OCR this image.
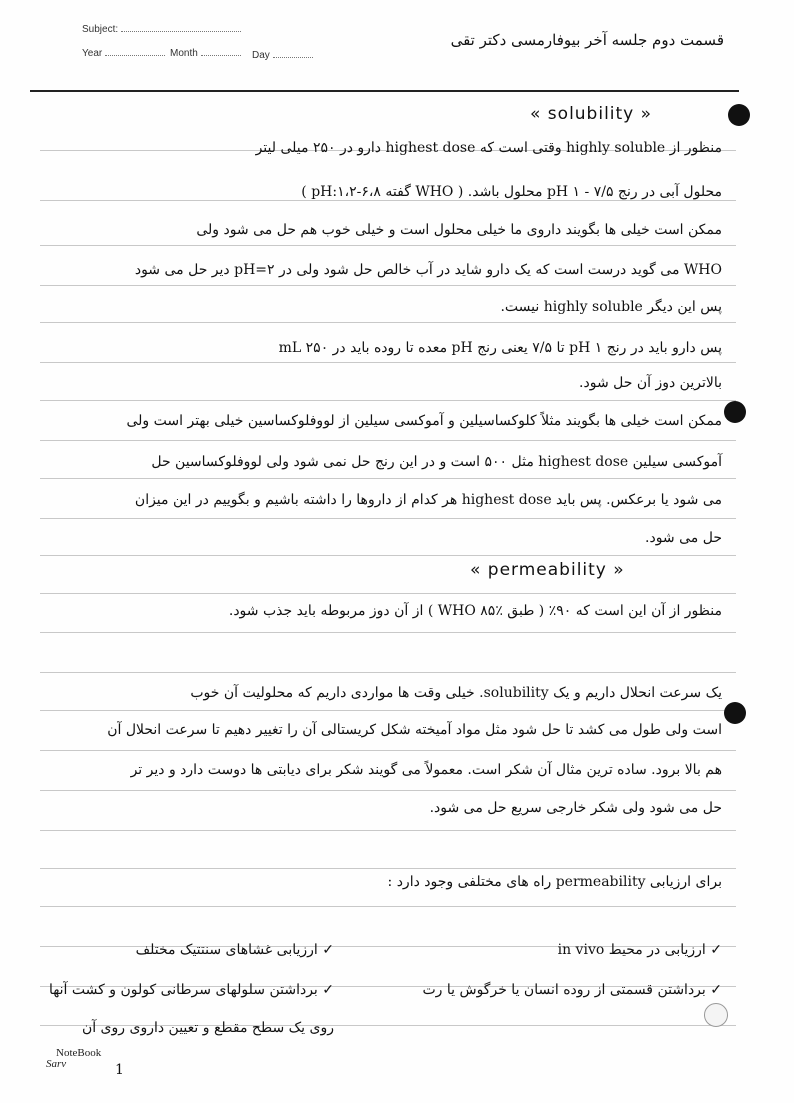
Subject:
Year	Month	Day
قسمت دوم جلسه آخر بیوفارمسی دکتر تقی
« solubility »
« permeability »
منظور از highly soluble وقتی است که highest dose دارو در ۲۵۰ میلی لیتر
محلول آبی در رنج pH ۱ - ۷/۵ محلول باشد. ( WHO گفته pH:۱،۲-۶،۸ )
ممکن است خیلی ها بگویند داروی ما خیلی محلول است و خیلی خوب هم حل می شود ولی
WHO می گوید درست است که یک دارو شاید در آب خالص حل شود ولی در pH=۲ دیر حل می شود
پس این دیگر highly soluble نیست.
پس دارو باید در رنج pH ۱ تا ۷/۵ یعنی رنج pH معده تا روده باید در ۲۵۰ mL
بالاترین دوز آن حل شود.
ممکن است خیلی ها بگویند مثلاً کلوکساسیلین و آموکسی سیلین از لووفلوکساسین خیلی بهتر است ولی
آموکسی سیلین highest dose مثل ۵۰۰ است و در این رنج حل نمی شود ولی لووفلوکساسین حل
می شود یا برعکس. پس باید highest dose هر کدام از داروها را داشته باشیم و بگوییم در این میزان
حل می شود.
منظور از آن این است که ۹۰٪ ( طبق WHO ۸۵٪ ) از آن دوز مربوطه باید جذب شود.
یک سرعت انحلال داریم و یک solubility. خیلی وقت ها مواردی داریم که محلولیت آن خوب
است ولی طول می کشد تا حل شود مثل مواد آمیخته شکل کریستالی آن را تغییر دهیم تا سرعت انحلال آن
هم بالا برود. ساده ترین مثال آن شکر است. معمولاً می گویند شکر برای دیابتی ها دوست دارد و دیر تر
حل می شود ولی شکر خارجی سریع حل می شود.
برای ارزیابی permeability راه های مختلفی وجود دارد :
✓ ارزیابی در محیط in vivo
✓ ارزیابی غشاهای سنتتیک مختلف
✓ برداشتن قسمتی از روده انسان یا خرگوش یا رت
✓ برداشتن سلولهای سرطانی کولون و کشت آنها
روی یک سطح مقطع و تعیین داروی روی آن
NoteBook
Sarv	1
